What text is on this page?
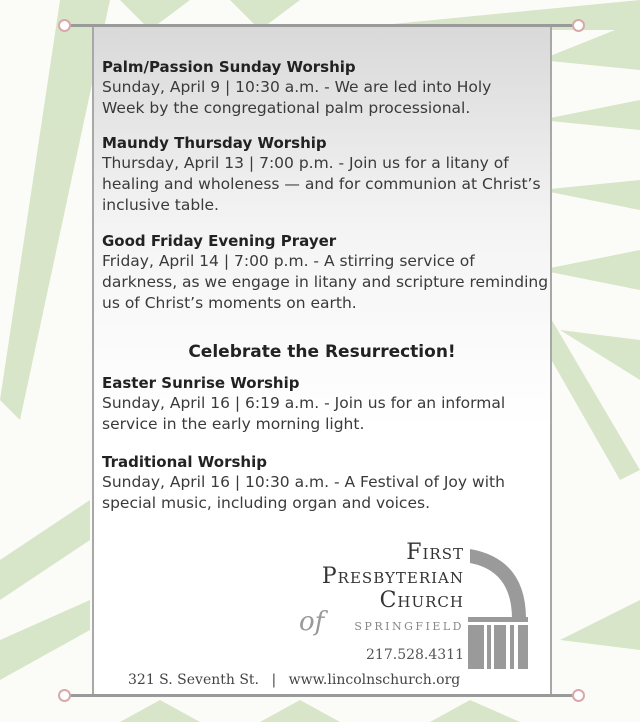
Palm/Passion Sunday Worship

Sunday, April 9 | 10:30 a.m. - We are led into Holy

Week by the congregational palm processional.

Maundy Thursday Worship

Thursday, April 13 | 7:00 p.m. - Join us for a litany of

healing and wholeness — and for communion at Christ’s

inclusive table.

Good Friday Evening Prayer

Friday, April 14 | 7:00 p.m. - A stirring service of

darkness, as we engage in litany and scripture reminding

us of Christ’s moments on earth.

Celebrate the Resurrection!
Easter Sunrise Worship

Sunday, April 16 | 6:19 a.m. - Join us for an informal

service in the early morning light.

Traditional Worship

Sunday, April 16 | 10:30 a.m. - A Festival of Joy with

special music, including organ and voices.

First
Presbyterian
Church
of	SPRINGFIELD
217.528.4311
321 S. Seventh St. | www.lincolnschurch.org
